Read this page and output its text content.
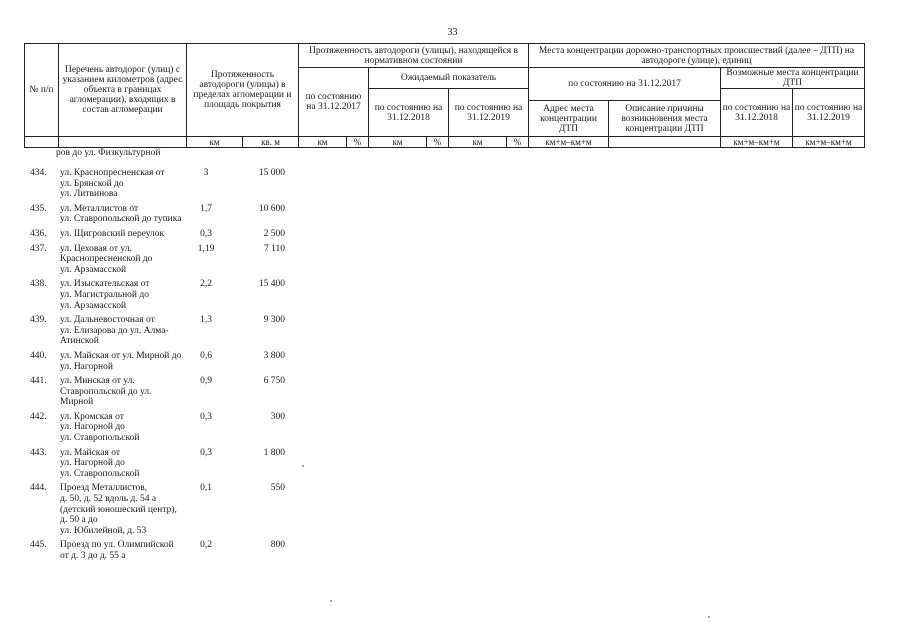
33
№ п/п	Перечень автодорог (улиц) с указанием километров (адрес объекта в границах агломерации), входящих в состав агломерации	Протяженность автодороги (улицы) в пределах агломерации и площадь покрытия		Протяженность автодороги (улицы), находящейся в нормативном состоянии						Места концентрации дорожно-транспортных происшествий (далее – ДТП) на автодороге (улице), единиц			
				по состоянию на 31.12.2017		Ожидаемый показатель				по состоянию на 31.12.2017		Возможные места концентрации ДТП	
						по состоянию на 31.12.2018		по состоянию на 31.12.2019				по состоянию на 31.12.2018	по состоянию на 31.12.2019
										Адрес места концентрации ДТП	Описание причины возникновения места концентрации ДТП		
		км	кв. м	км	%	км	%	км	%	км+м–км+м		км+м–км+м	км+м–км+м
ров до ул. Физкультурной
434. ул. Краснопресненская от
ул. Брянской до
ул. Литвинова
3	15 000
435. ул. Металлистов от
ул. Ставропольской до тупика
1,7	10 600
436. ул. Щигровский переулок	0,3	2 500
437. ул. Цеховая от ул. Краснопресненской до
ул. Арзамасской
1,19	7 110
438. ул. Изыскательская от
ул. Магистральной до
ул. Арзамасской
2,2	15 400
439. ул. Дальневосточная от
ул. Елизарова до ул. Алма-Атинской
1,3	9 300
440. ул. Майская от ул. Мирной до ул. Нагорной
0,6	3 800
441. ул. Минская от ул. Ставропольской до ул. Мирной
0,9	6 750
442. ул. Кромская от
ул. Нагорной до
ул. Ставропольской
0,3	300
443. ул. Майская от
ул. Нагорной до
ул. Ставропольской
0,3	1 800
444. Проезд Металлистов,
д. 50, д. 52 вдоль д. 54 а (детский юношеский центр), д. 50 а до
ул. Юбилейной, д. 53
0,1	550
445. Проезд по ул. Олимпийской от д. 3 до д. 55 а
0,2	800
